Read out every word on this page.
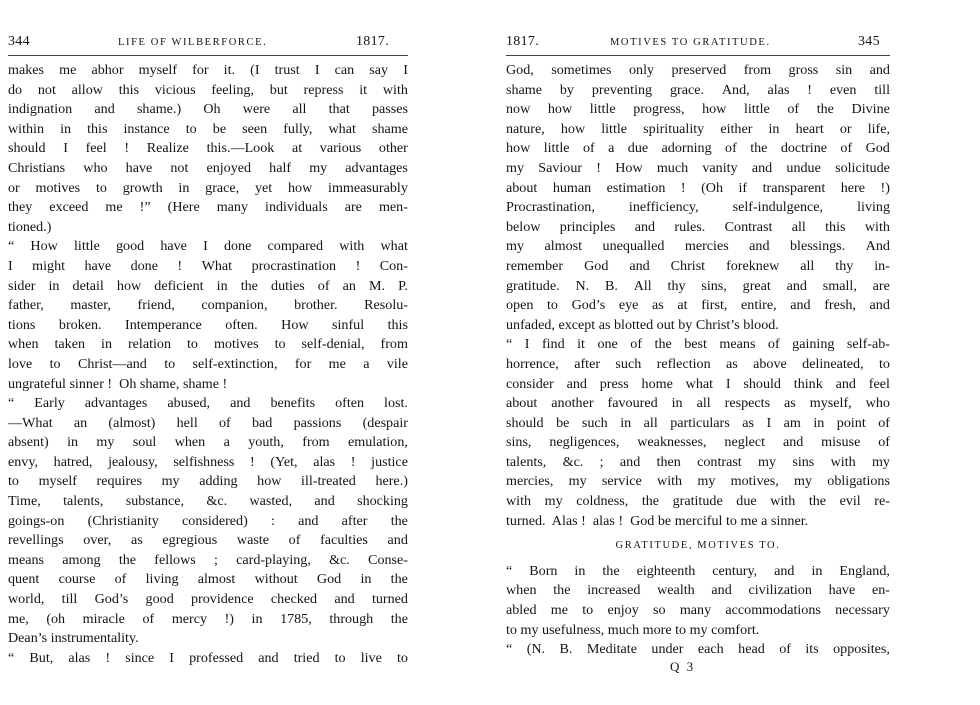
344	LIFE OF WILBERFORCE.	1817.
makes me abhor myself for it. (I trust I can say I
do not allow this vicious feeling, but repress it with
indignation and shame.) Oh were all that passes
within in this instance to be seen fully, what shame
should I feel ! Realize this.—Look at various other
Christians who have not enjoyed half my advantages
or motives to growth in grace, yet how immeasurably
they exceed me !” (Here many individuals are men-
tioned.)
“ How little good have I done compared with what
I might have done ! What procrastination ! Con-
sider in detail how deficient in the duties of an M. P.
father, master, friend, companion, brother. Resolu-
tions broken. Intemperance often. How sinful this
when taken in relation to motives to self-denial, from
love to Christ—and to self-extinction, for me a vile
ungrateful sinner !  Oh shame, shame !
“ Early advantages abused, and benefits often lost.
—What an (almost) hell of bad passions (despair
absent) in my soul when a youth, from emulation,
envy, hatred, jealousy, selfishness ! (Yet, alas ! justice
to myself requires my adding how ill-treated here.)
Time, talents, substance, &c. wasted, and shocking
goings-on (Christianity considered) : and after the
revellings over, as egregious waste of faculties and
means among the fellows ; card-playing, &c. Conse-
quent course of living almost without God in the
world, till God’s good providence checked and turned
me, (oh miracle of mercy !) in 1785, through the
Dean’s instrumentality.
“ But, alas ! since I professed and tried to live to
1817.	MOTIVES TO GRATITUDE.	345
God, sometimes only preserved from gross sin and
shame by preventing grace. And, alas ! even till
now how little progress, how little of the Divine
nature, how little spirituality either in heart or life,
how little of a due adorning of the doctrine of God
my Saviour ! How much vanity and undue solicitude
about human estimation ! (Oh if transparent here !)
Procrastination, inefficiency, self-indulgence, living
below principles and rules. Contrast all this with
my almost unequalled mercies and blessings. And
remember God and Christ foreknew all thy in-
gratitude. N. B. All thy sins, great and small, are
open to God’s eye as at first, entire, and fresh, and
unfaded, except as blotted out by Christ’s blood.
“ I find it one of the best means of gaining self-ab-
horrence, after such reflection as above delineated, to
consider and press home what I should think and feel
about another favoured in all respects as myself, who
should be such in all particulars as I am in point of
sins, negligences, weaknesses, neglect and misuse of
talents, &c. ; and then contrast my sins with my
mercies, my service with my motives, my obligations
with my coldness, the gratitude due with the evil re-
turned.  Alas !  alas !  God be merciful to me a sinner.
GRATITUDE, MOTIVES TO.
“ Born in the eighteenth century, and in England,
when the increased wealth and civilization have en-
abled me to enjoy so many accommodations necessary
to my usefulness, much more to my comfort.
“ (N. B. Meditate under each head of its opposites,
Q 3
